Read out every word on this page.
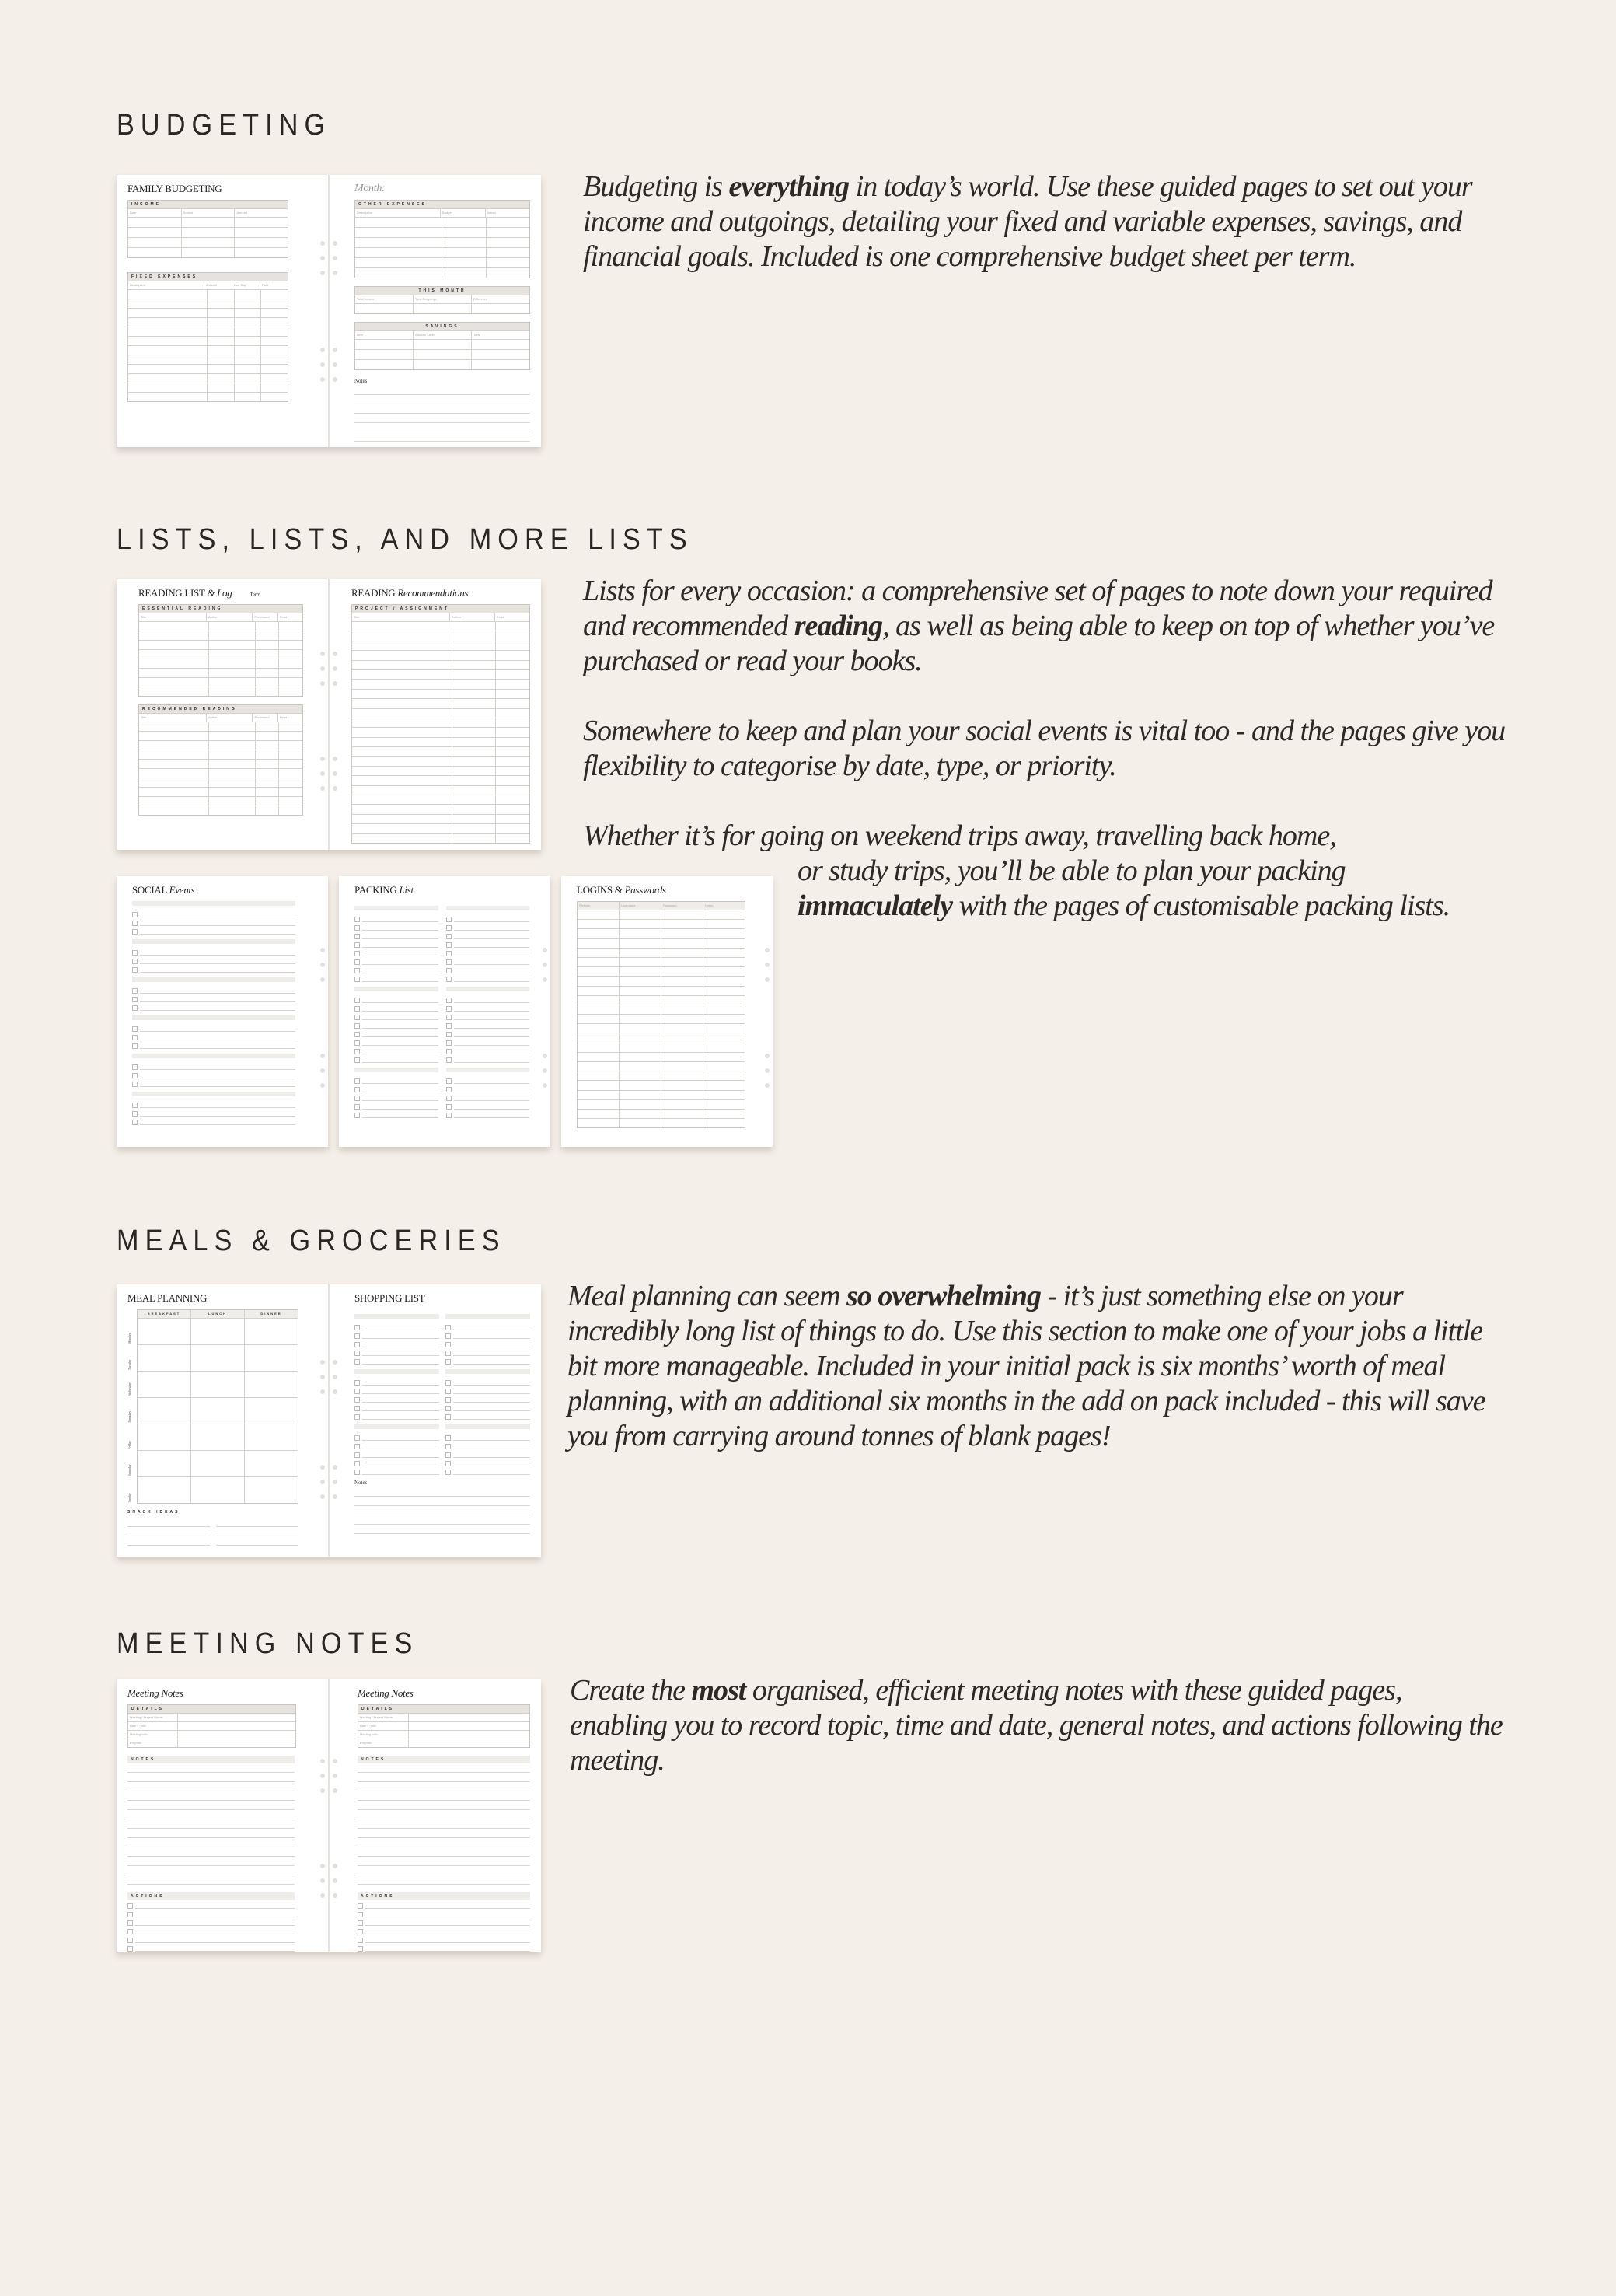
BUDGETING
FAMILY BUDGETING
INCOME
Date	Source	Amount
FIXED EXPENSES
Description	Amount	Due Day	Paid
Month:
OTHER EXPENSES
Description	Budget	Actual
THIS MONTH
Total Income	Total Outgoings	Difference
SAVINGS
Item	Amount Saved	Total
Notes

Budgeting is everything in today’s world. Use these guided pages to set out your income and outgoings, detailing your fixed and variable expenses, savings, and financial goals. Included is one comprehensive budget sheet per term.

LISTS, LISTS, AND MORE LISTS
READING LIST & Log	Term
ESSENTIAL READING
Title	Author	Purchased	Read
RECOMMENDED READING
Title	Author	Purchased	Read
READING Recommendations
PROJECT / ASSIGNMENT
Title	Author	Read
SOCIAL Events	PACKING List	LOGINS & Passwords
Website	Username	Password	Notes

Lists for every occasion: a comprehensive set of pages to note down your required and recommended reading, as well as being able to keep on top of whether you’ve purchased or read your books.

Somewhere to keep and plan your social events is vital too - and the pages give you flexibility to categorise by date, type, or priority.

Whether it’s for going on weekend trips away, travelling back home,
or study trips, you’ll be able to plan your packing
immaculately with the pages of customisable packing lists.
MEALS & GROCERIES
MEAL PLANNING
Monday
Tuesday
Wednesday
Thursday
Friday
Saturday
Sunday
BREAKFAST	LUNCH	DINNER
SNACK IDEAS
SHOPPING LIST
Notes

Meal planning can seem so overwhelming - it’s just something else on your incredibly long list of things to do. Use this section to make one of your jobs a little bit more manageable. Included in your initial pack is six months’ worth of meal planning, with an additional six months in the add on pack included - this will save you from carrying around tonnes of blank pages!

MEETING NOTES
Meeting Notes
DETAILS
Meeting / Project Name:
Date / Time:
Meeting with:
Purpose:
NOTES
ACTIONS
Meeting Notes
DETAILS
Meeting / Project Name:
Date / Time:
Meeting with:
Purpose:
NOTES
ACTIONS

Create the most organised, efficient meeting notes with these guided pages, enabling you to record topic, time and date, general notes, and actions following the meeting.
